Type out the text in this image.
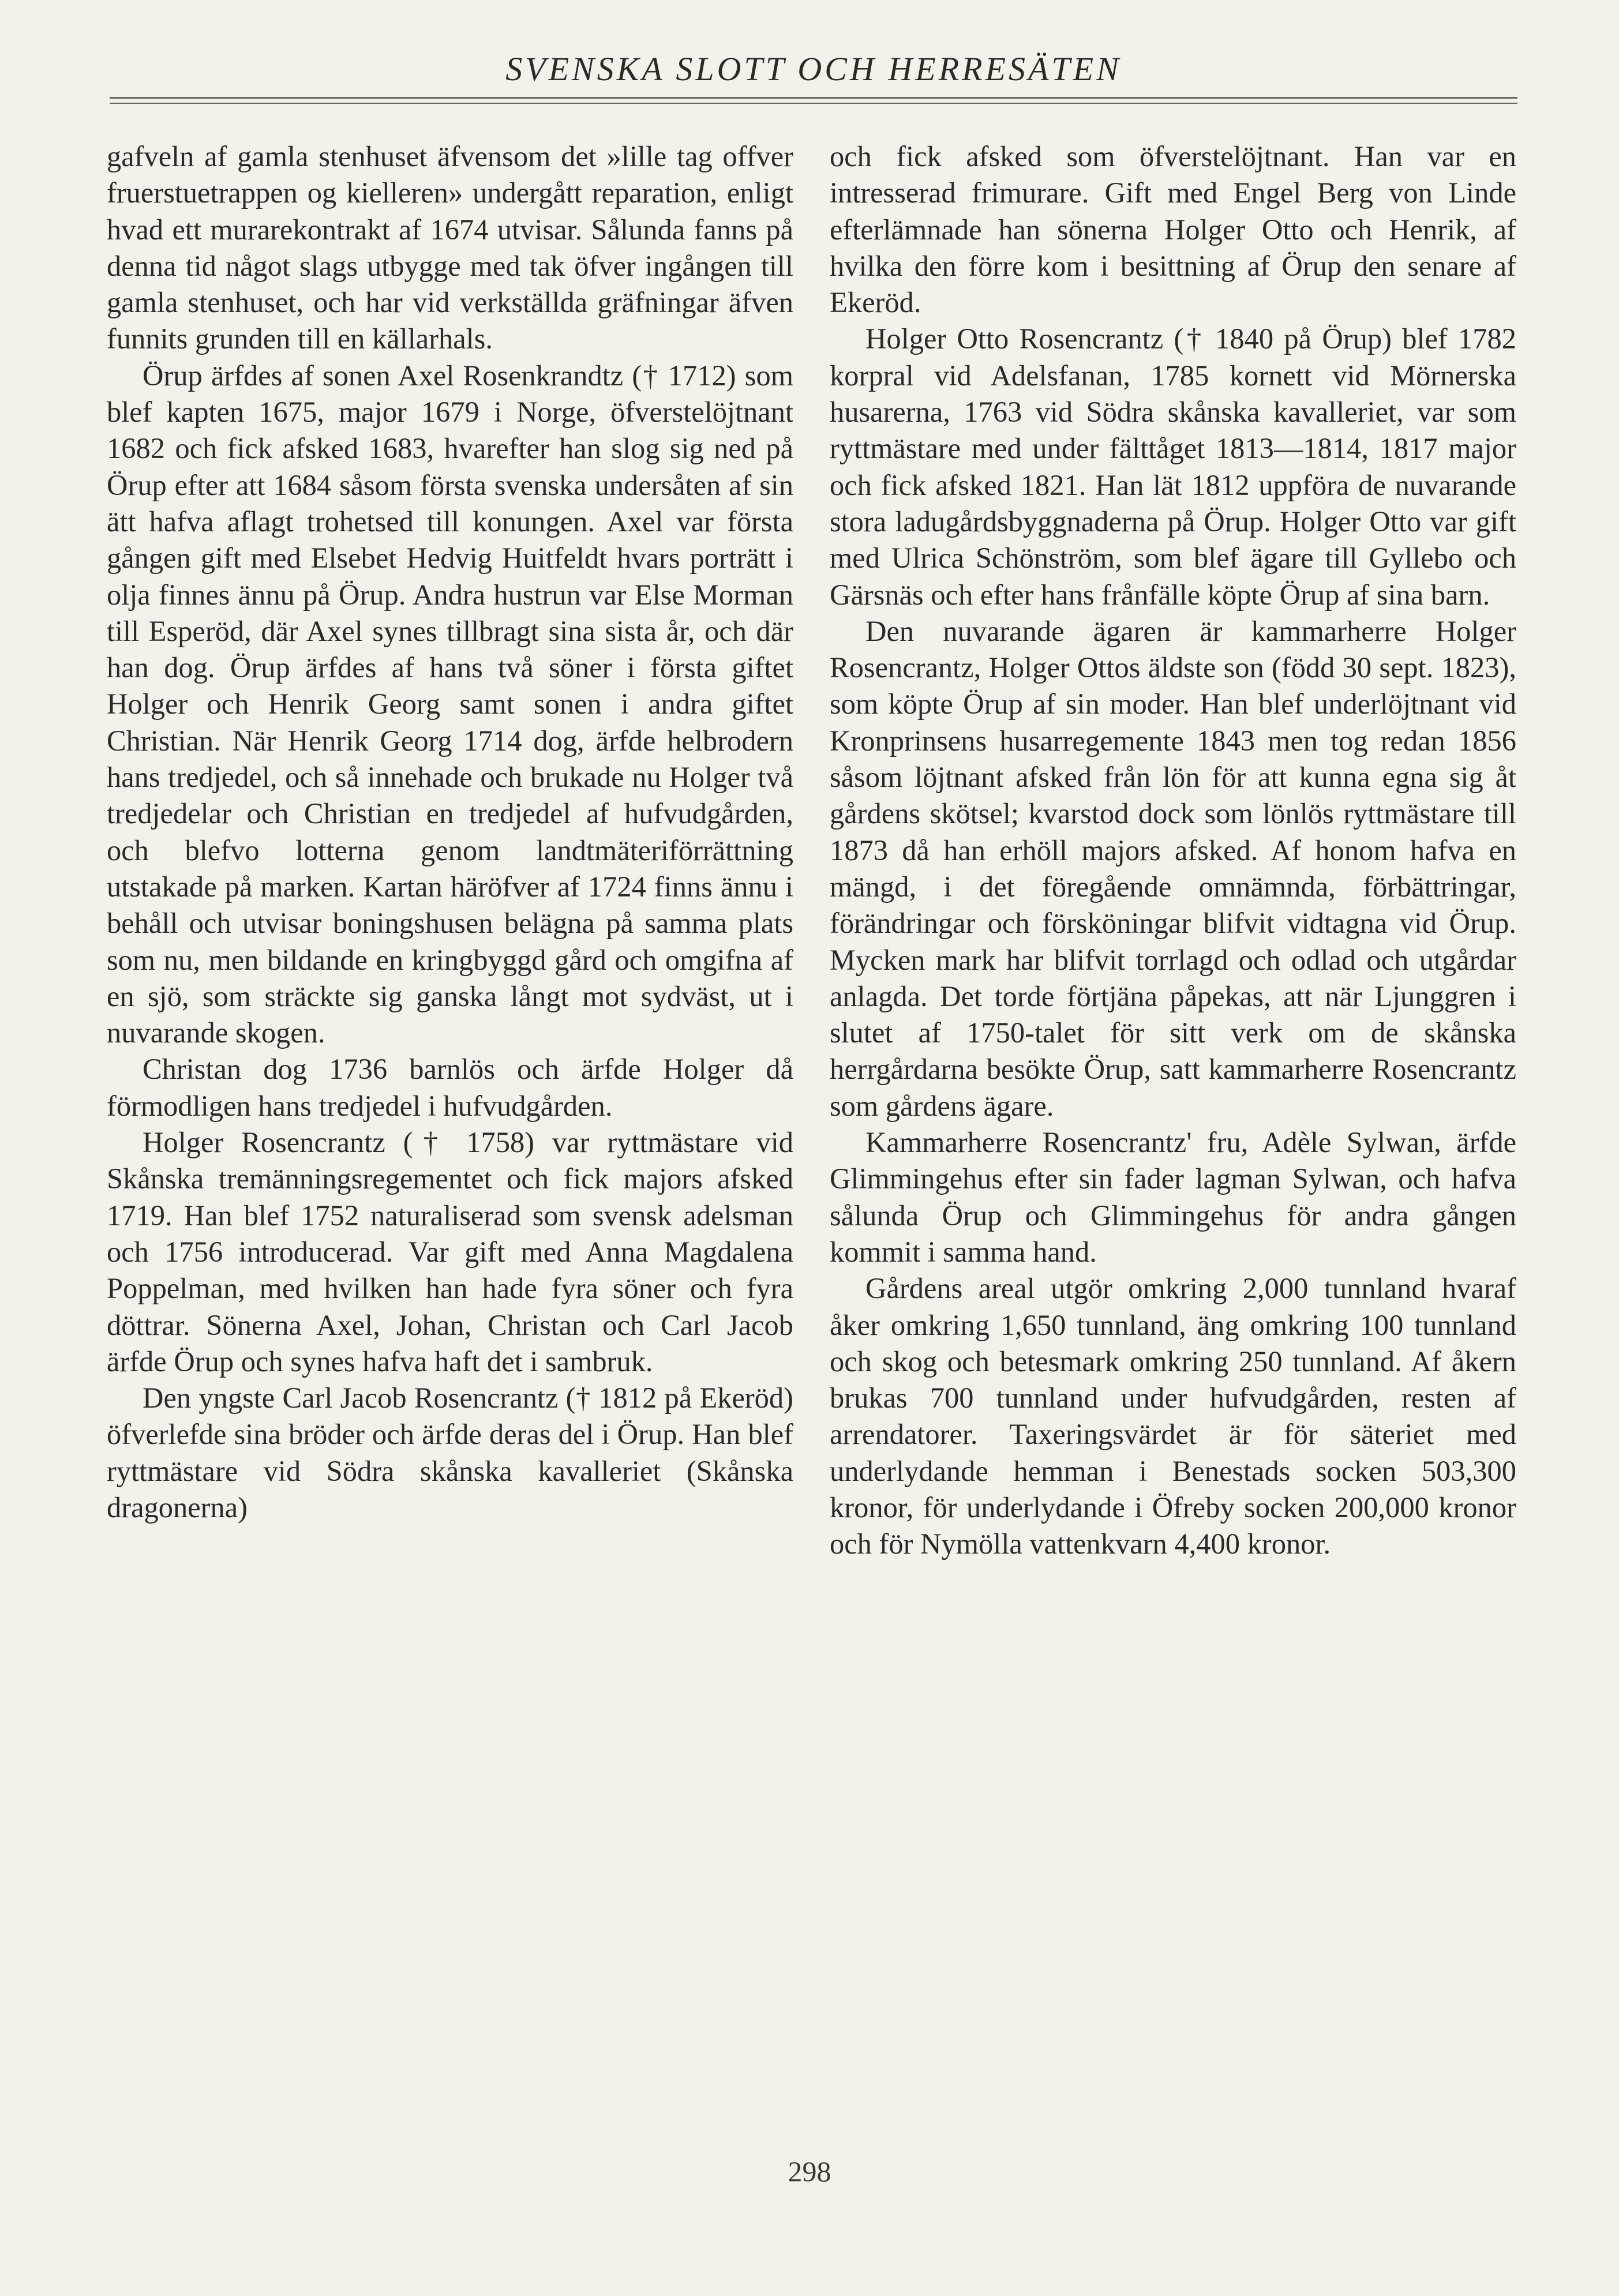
SVENSKA SLOTT OCH HERRESÄTEN

gafveln af gamla stenhuset äfvensom det »lille tag offver fruerstuetrappen og kielleren» undergått reparation, enligt hvad ett murarekontrakt af 1674 utvisar. Sålunda fanns på denna tid något slags utbygge med tak öfver ingången till gamla stenhuset, och har vid verkställda gräfningar äfven funnits grunden till en källarhals.

Örup ärfdes af sonen Axel Rosenkrandtz († 1712) som blef kapten 1675, major 1679 i Norge, öfverstelöjtnant 1682 och fick afsked 1683, hvarefter han slog sig ned på Örup efter att 1684 såsom första svenska undersåten af sin ätt hafva aflagt trohetsed till konungen. Axel var första gången gift med Elsebet Hedvig Huitfeldt hvars porträtt i olja finnes ännu på Örup. Andra hustrun var Else Morman till Esperöd, där Axel synes tillbragt sina sista år, och där han dog. Örup ärfdes af hans två söner i första giftet Holger och Henrik Georg samt sonen i andra giftet Christian. När Henrik Georg 1714 dog, ärfde helbrodern hans tredjedel, och så innehade och brukade nu Holger två tredjedelar och Christian en tredjedel af hufvudgården, och blefvo lotterna genom landtmäteriförrättning utstakade på marken. Kartan häröfver af 1724 finns ännu i behåll och utvisar boningshusen belägna på samma plats som nu, men bildande en kringbyggd gård och omgifna af en sjö, som sträckte sig ganska långt mot sydväst, ut i nuvarande skogen.

Christan dog 1736 barnlös och ärfde Holger då förmodligen hans tredjedel i hufvudgården.

Holger Rosencrantz († 1758) var ryttmästare vid Skånska tremänningsregementet och fick majors afsked 1719. Han blef 1752 naturaliserad som svensk adelsman och 1756 introducerad. Var gift med Anna Magdalena Poppelman, med hvilken han hade fyra söner och fyra döttrar. Sönerna Axel, Johan, Christan och Carl Jacob ärfde Örup och synes hafva haft det i sambruk.

Den yngste Carl Jacob Rosencrantz († 1812 på Ekeröd) öfverlefde sina bröder och ärfde deras del i Örup. Han blef ryttmästare vid Södra skånska kavalleriet (Skånska dragonerna)

och fick afsked som öfverstelöjtnant. Han var en intresserad frimurare. Gift med Engel Berg von Linde efterlämnade han sönerna Holger Otto och Henrik, af hvilka den förre kom i besittning af Örup den senare af Ekeröd.

Holger Otto Rosencrantz († 1840 på Örup) blef 1782 korpral vid Adelsfanan, 1785 kornett vid Mörnerska husarerna, 1763 vid Södra skånska kavalleriet, var som ryttmästare med under fälttåget 1813—1814, 1817 major och fick afsked 1821. Han lät 1812 uppföra de nuvarande stora ladugårdsbyggnaderna på Örup. Holger Otto var gift med Ulrica Schönström, som blef ägare till Gyllebo och Gärsnäs och efter hans frånfälle köpte Örup af sina barn.

Den nuvarande ägaren är kammarherre Holger Rosencrantz, Holger Ottos äldste son (född 30 sept. 1823), som köpte Örup af sin moder. Han blef underlöjtnant vid Kronprinsens husarregemente 1843 men tog redan 1856 såsom löjtnant afsked från lön för att kunna egna sig åt gårdens skötsel; kvarstod dock som lönlös ryttmästare till 1873 då han erhöll majors afsked. Af honom hafva en mängd, i det föregående omnämnda, förbättringar, förändringar och försköningar blifvit vidtagna vid Örup. Mycken mark har blifvit torrlagd och odlad och utgårdar anlagda. Det torde förtjäna påpekas, att när Ljunggren i slutet af 1750-talet för sitt verk om de skånska herrgårdarna besökte Örup, satt kammarherre Rosencrantz som gårdens ägare.

Kammarherre Rosencrantz' fru, Adèle Sylwan, ärfde Glimmingehus efter sin fader lagman Sylwan, och hafva sålunda Örup och Glimmingehus för andra gången kommit i samma hand.

Gårdens areal utgör omkring 2,000 tunnland hvaraf åker omkring 1,650 tunnland, äng omkring 100 tunnland och skog och betesmark omkring 250 tunnland. Af åkern brukas 700 tunnland under hufvudgården, resten af arrendatorer. Taxeringsvärdet är för säteriet med underlydande hemman i Benestads socken 503,300 kronor, för underlydande i Öfreby socken 200,000 kronor och för Nymölla vattenkvarn 4,400 kronor.

298
